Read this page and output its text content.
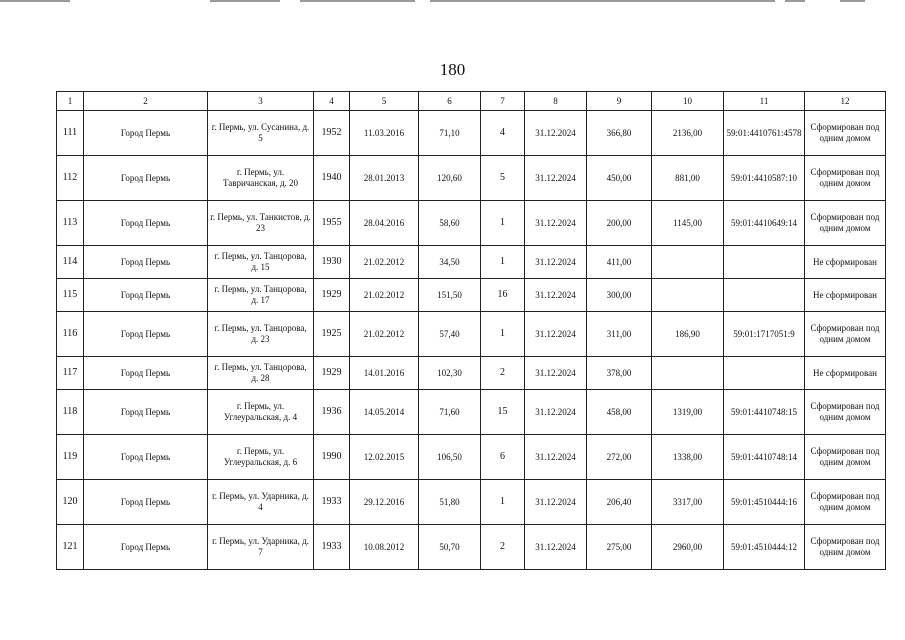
180
1	2	3	4	5	6	7	8	9	10	11	12
111	Город Пермь	г. Пермь, ул. Сусанина, д. 5	1952	11.03.2016	71,10	4	31.12.2024	366,80	2136,00	59:01:4410761:4578	Сформирован под одним домом
112	Город Пермь	г. Пермь, ул. Тавричанская, д. 20	1940	28.01.2013	120,60	5	31.12.2024	450,00	881,00	59:01:4410587:10	Сформирован под одним домом
113	Город Пермь	г. Пермь, ул. Танкистов, д. 23	1955	28.04.2016	58,60	1	31.12.2024	200,00	1145,00	59:01:4410649:14	Сформирован под одним домом
114	Город Пермь	г. Пермь, ул. Танцорова, д. 15	1930	21.02.2012	34,50	1	31.12.2024	411,00			Не сформирован
115	Город Пермь	г. Пермь, ул. Танцорова, д. 17	1929	21.02.2012	151,50	16	31.12.2024	300,00			Не сформирован
116	Город Пермь	г. Пермь, ул. Танцорова, д. 23	1925	21.02.2012	57,40	1	31.12.2024	311,00	186,90	59:01:1717051:9	Сформирован под одним домом
117	Город Пермь	г. Пермь, ул. Танцорова, д. 28	1929	14.01.2016	102,30	2	31.12.2024	378,00			Не сформирован
118	Город Пермь	г. Пермь, ул. Углеуральская, д. 4	1936	14.05.2014	71,60	15	31.12.2024	458,00	1319,00	59:01:4410748:15	Сформирован под одним домом
119	Город Пермь	г. Пермь, ул. Углеуральская, д. 6	1990	12.02.2015	106,50	6	31.12.2024	272,00	1338,00	59:01:4410748:14	Сформирован под одним домом
120	Город Пермь	г. Пермь, ул. Ударника, д. 4	1933	29.12.2016	51,80	1	31.12.2024	206,40	3317,00	59:01:4510444:16	Сформирован под одним домом
121	Город Пермь	г. Пермь, ул. Ударника, д. 7	1933	10.08.2012	50,70	2	31.12.2024	275,00	2960,00	59:01:4510444:12	Сформирован под одним домом
